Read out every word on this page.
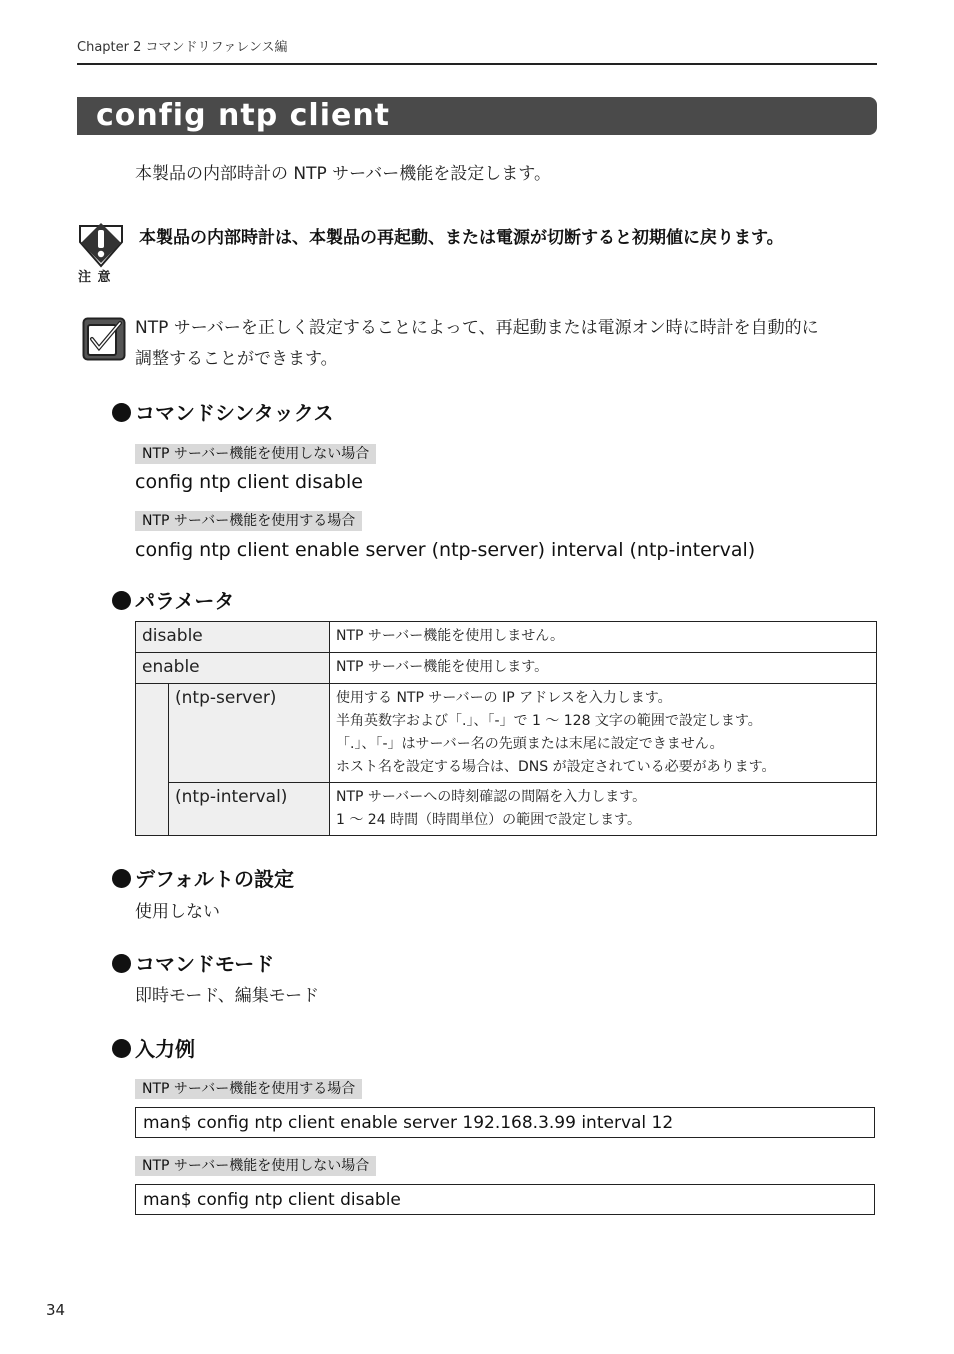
Chapter 2 コマンドリファレンス編
config ntp client
本製品の内部時計の NTP サーバー機能を設定します。
注 意
本製品の内部時計は、本製品の再起動、または電源が切断すると初期値に戻ります。
NTP サーバーを正しく設定することによって、再起動または電源オン時に時計を自動的に
調整することができます。
コマンドシンタックス
NTP サーバー機能を使用しない場合
config ntp client disable
NTP サーバー機能を使用する場合
config ntp client enable server (ntp-server) interval (ntp-interval)
パラメータ
disable		NTP サーバー機能を使用しません。

enable		NTP サーバー機能を使用します。

	(ntp-server)	使用する NTP サーバーの IP アドレスを入力します。
半角英数字および「.」、「-」で 1 〜 128 文字の範囲で設定します。
「.」、「-」はサーバー名の先頭または末尾に設定できません。
ホスト名を設定する場合は、DNS が設定されている必要があります。

	(ntp-interval)	NTP サーバーへの時刻確認の間隔を入力します。
1 〜 24 時間（時間単位）の範囲で設定します。
デフォルトの設定
使用しない
コマンドモード
即時モード、編集モード
入力例
NTP サーバー機能を使用する場合
man$ config ntp client enable server 192.168.3.99 interval 12
NTP サーバー機能を使用しない場合
man$ config ntp client disable
34
